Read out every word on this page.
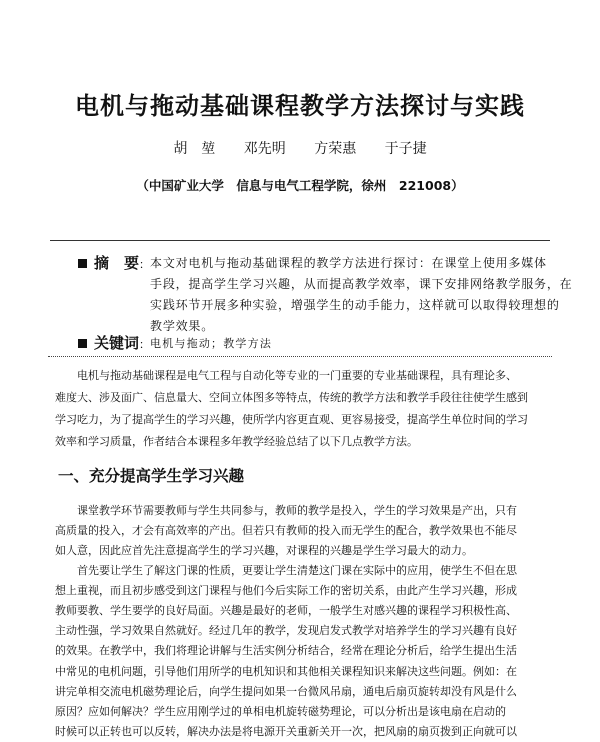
电机与拖动基础课程教学方法探讨与实践
胡　堃 邓先明 方荣惠 于子捷
（中国矿业大学　信息与电气工程学院，徐州　221008）
摘　要： 本文对电机与拖动基础课程的教学方法进行探讨：在课堂上使用多媒体
手段，提高学生学习兴趣，从而提高教学效率，课下安排网络教学服务，在
实践环节开展多种实验，增强学生的动手能力，这样就可以取得较理想的
教学效果。
关键词： 电机与拖动；教学方法
　　电机与拖动基础课程是电气工程与自动化等专业的一门重要的专业基础课程，具有理论多、
难度大、涉及面广、信息量大、空间立体图多等特点，传统的教学方法和教学手段往往使学生感到
学习吃力，为了提高学生的学习兴趣，使所学内容更直观、更容易接受，提高学生单位时间的学习
效率和学习质量，作者结合本课程多年教学经验总结了以下几点教学方法。
一、充分提高学生学习兴趣
　　课堂教学环节需要教师与学生共同参与，教师的教学是投入，学生的学习效果是产出，只有
高质量的投入，才会有高效率的产出。但若只有教师的投入而无学生的配合，教学效果也不能尽
如人意，因此应首先注意提高学生的学习兴趣，对课程的兴趣是学生学习最大的动力。
　　首先要让学生了解这门课的性质，更要让学生清楚这门课在实际中的应用，使学生不但在思
想上重视，而且初步感受到这门课程与他们今后实际工作的密切关系，由此产生学习兴趣，形成
教师要教、学生要学的良好局面。兴趣是最好的老师，一般学生对感兴趣的课程学习积极性高、
主动性强，学习效果自然就好。经过几年的教学，发现启发式教学对培养学生的学习兴趣有良好
的效果。在教学中，我们将理论讲解与生活实例分析结合，经常在理论分析后，给学生提出生活
中常见的电机问题，引导他们用所学的电机知识和其他相关课程知识来解决这些问题。例如：在
讲完单相交流电机磁势理论后，向学生提问如果一台微风吊扇，通电后扇页旋转却没有风是什么
原因？应如何解决？学生应用刚学过的单相电机旋转磁势理论，可以分析出是该电扇在启动的
时候可以正转也可以反转，解决办法是将电源开关重新关开一次，把风扇的扇页拨到正向就可以
